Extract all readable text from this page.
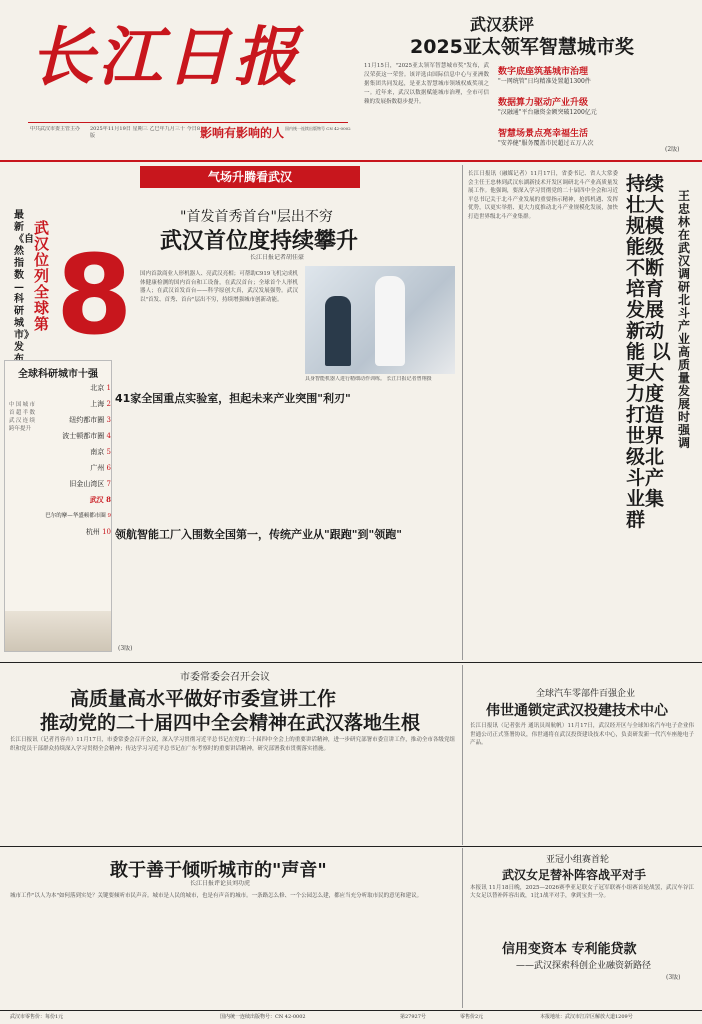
长江日报
中共武汉市委主管主办	2025年11月19日 星期三 乙巳年九月三十 今日8版	影响有影响的人 国内统一连续出版物号 CN 42-0002
武汉获评
2025亚太领军智慧城市奖
11月15日，"2025亚太领军智慧城市奖"发布，武汉荣获这一荣誉。该评选由国际信息中心与亚洲数据集团共同发起，是亚太智慧城市领域权威奖项之一。近年来，武汉以数据赋能城市治理，全市可信赖的发展指数稳步提升。
数字底座筑基城市治理
"一网统管"日均精准处置超1300件
数据算力驱动产业升级
"汉融通"平台融资金额突破1200亿元
智慧场景点亮幸福生活
"安养健"服务覆盖市民超过五万人次
(2版)
气场升腾看武汉
武汉位列全球第
最新《自然指数—科研城市》发 8
"首发首秀首台"层出不穷
武汉首位度持续攀升
长江日报记者胡佳豪
国内首款商业人形机器人、亮武汉亮相；可帮助C919飞机完成机体健康检测的国内首台和工设备，在武汉首台；全球首个人形机器人；在武汉首发首台——科学原创大真，武汉发展强势。武汉以"首发、首秀、首台"层出不穷，持续增强城市创新动能。
具身智能机器人进行精细动作训练。 长江日报记者曾翔摄
41家全国重点实验室，担起未来产业突围"利刃"
领航智能工厂入围数全国第一，传统产业从"跟跑"到"领跑"
(3版)
全球科研城市十强
中国城市首超半数 武汉连续跨年提升
北京 1
上海 2
纽约都市圈 3
波士顿都市圈 4
南京 5
广州 6
旧金山湾区 7
武汉 8
巴尔的摩—华盛顿都市圈 9
杭州 10
王忠林在武汉调研北斗产业高质量发展时强调
持续壮大规模能级 不断培育发展新动能 以更大力度打造世界级北斗产业集群
长江日报讯（融媒记者）11月17日，省委书记、省人大常委会主任王忠林到武汉东湖新技术开发区调研北斗产业高质量发展工作。他强调，要深入学习贯彻党的二十届四中全会和习近平总书记关于北斗产业发展的重要指示精神，抢抓机遇、发挥优势，以更实举措、更大力度推动北斗产业规模化发展，加快打造世界级北斗产业集群。
市委常委会召开会议
高质量高水平做好市委宣讲工作
推动党的二十届四中全会精神在武汉落地生根
长江日报讯（记者肖容卉）11月17日，市委常委会召开会议，深入学习贯彻习近平总书记在党的二十届四中全会上的重要讲话精神，进一步研究部署市委宣讲工作，推动全市各级党组织和党员干部群众持续深入学习贯彻全会精神；传达学习习近平总书记在广东考察时的重要讲话精神，研究部署我市贯彻落实措施。
全球汽车零部件百强企业
伟世通锁定武汉投建技术中心
长江日报讯（记者张丹 通讯员周航帆）11月17日，武汉经开区与全球知名汽车电子企业伟世通公司正式签署协议，伟世通将在武汉投资建设技术中心，负责研发新一代汽车座舱电子产品。
敢于善于倾听城市的"声音"
长江日报评论员刘功虎
城市工作"以人为本"如何落到实处？关键要倾听市民声音。城市是人民的城市，也是有声音的城市。一条路怎么修、一个公园怎么建，都应当充分听取市民的意见和建议。
亚冠小组赛首轮
武汉女足替补阵容战平对手
本报讯 11月18日晚，2025—2026赛季亚足联女子冠军联赛小组赛首轮战罢，武汉车谷江大女足以替补阵容出战，1比1战平对手，拿到宝贵一分。
信用变资本 专利能贷款
——武汉探索科创企业融资新路径
(3版)
武汉市零售价：每份1元	国内统一连续出版物号：CN 42-0002	第27927号	零售价2元	本报地址：武汉市江岸区解放大道1209号
